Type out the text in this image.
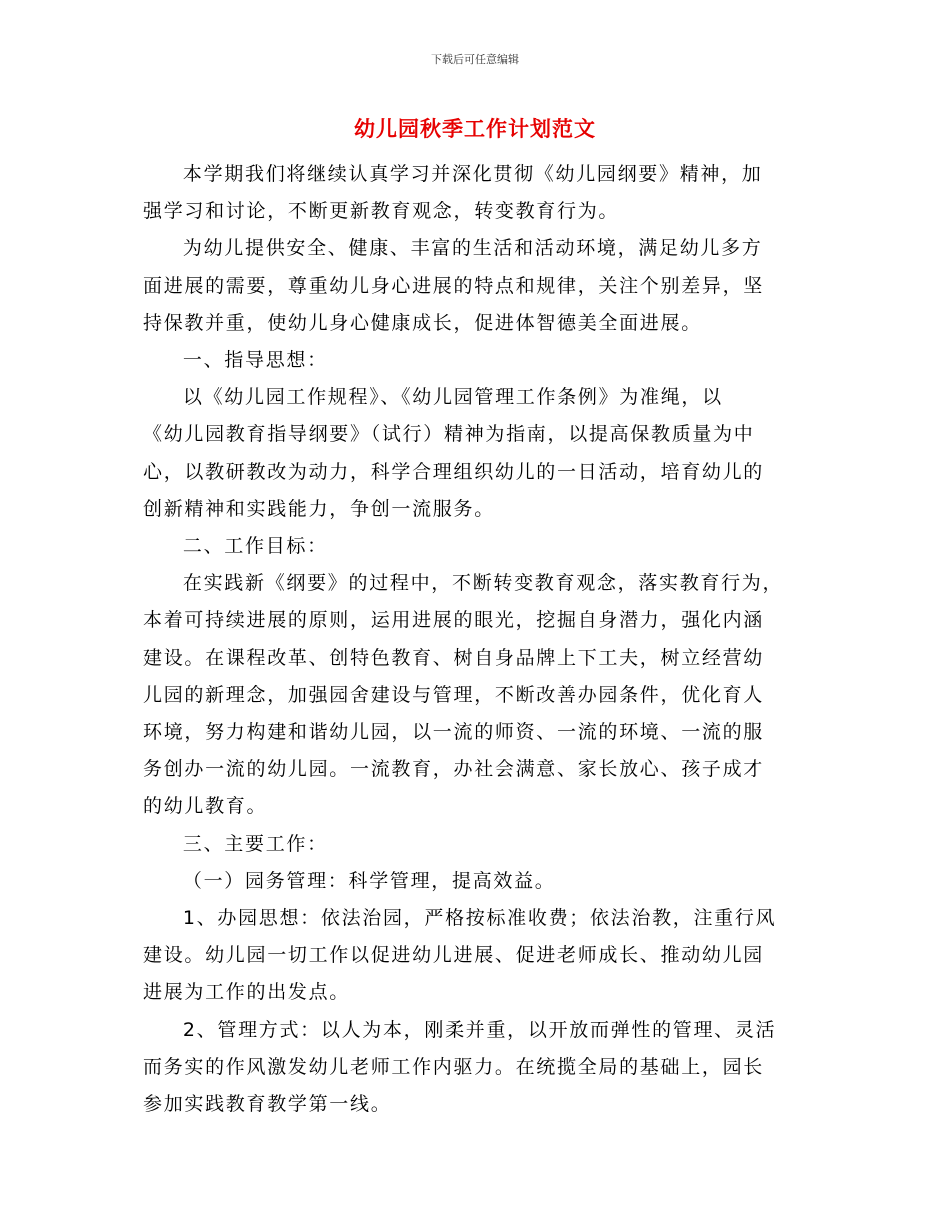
下载后可任意编辑
幼儿园秋季工作计划范文

本学期我们将继续认真学习并深化贯彻《幼儿园纲要》精神，加
强学习和讨论，不断更新教育观念，转变教育行为。

为幼儿提供安全、健康、丰富的生活和活动环境，满足幼儿多方
面进展的需要，尊重幼儿身心进展的特点和规律，关注个别差异，坚
持保教并重，使幼儿身心健康成长，促进体智德美全面进展。

一、指导思想：

以《幼儿园工作规程》、《幼儿园管理工作条例》为准绳，以
《幼儿园教育指导纲要》（试行）精神为指南，以提高保教质量为中
心，以教研教改为动力，科学合理组织幼儿的一日活动，培育幼儿的
创新精神和实践能力，争创一流服务。

二、工作目标：

在实践新《纲要》的过程中，不断转变教育观念，落实教育行为，
本着可持续进展的原则，运用进展的眼光，挖掘自身潜力，强化内涵
建设。在课程改革、创特色教育、树自身品牌上下工夫，树立经营幼
儿园的新理念，加强园舍建设与管理，不断改善办园条件，优化育人
环境，努力构建和谐幼儿园，以一流的师资、一流的环境、一流的服
务创办一流的幼儿园。一流教育，办社会满意、家长放心、孩子成才
的幼儿教育。

三、主要工作：

（一）园务管理：科学管理，提高效益。

1、办园思想：依法治园，严格按标准收费；依法治教，注重行风
建设。幼儿园一切工作以促进幼儿进展、促进老师成长、推动幼儿园
进展为工作的出发点。

2、管理方式：以人为本，刚柔并重，以开放而弹性的管理、灵活
而务实的作风激发幼儿老师工作内驱力。在统揽全局的基础上，园长
参加实践教育教学第一线。
